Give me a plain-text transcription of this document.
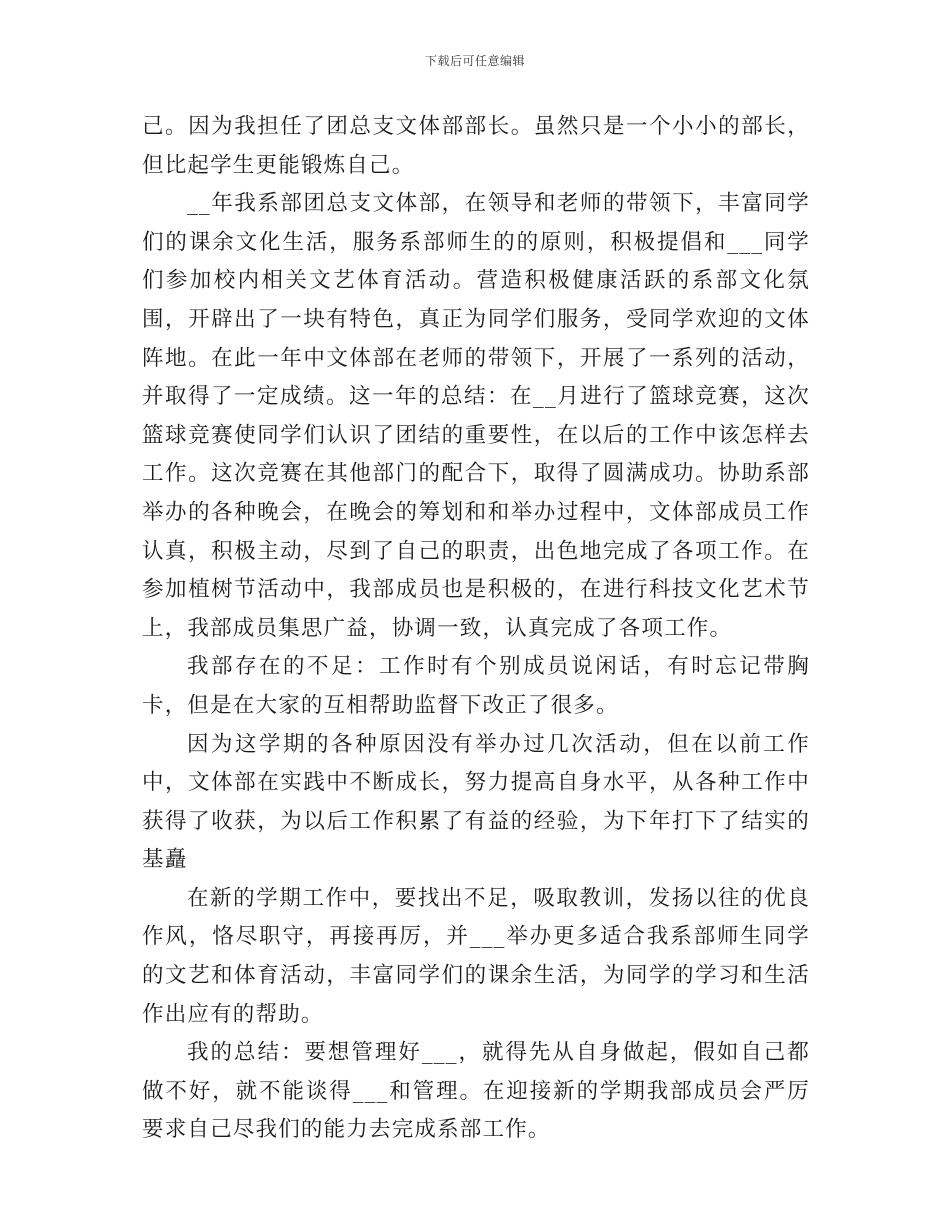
下载后可任意编辑

己。因为我担任了团总支文体部部长。虽然只是一个小小的部长，但比起学生更能锻炼自己。

__年我系部团总支文体部，在领导和老师的带领下，丰富同学们的课余文化生活，服务系部师生的的原则，积极提倡和___同学们参加校内相关文艺体育活动。营造积极健康活跃的系部文化氛围，开辟出了一块有特色，真正为同学们服务，受同学欢迎的文体阵地。在此一年中文体部在老师的带领下，开展了一系列的活动，并取得了一定成绩。这一年的总结：在__月进行了篮球竞赛，这次篮球竞赛使同学们认识了团结的重要性，在以后的工作中该怎样去工作。这次竞赛在其他部门的配合下，取得了圆满成功。协助系部举办的各种晚会，在晚会的筹划和和举办过程中，文体部成员工作认真，积极主动，尽到了自己的职责，出色地完成了各项工作。在参加植树节活动中，我部成员也是积极的，在进行科技文化艺术节上，我部成员集思广益，协调一致，认真完成了各项工作。

我部存在的不足：工作时有个别成员说闲话，有时忘记带胸卡，但是在大家的互相帮助监督下改正了很多。

因为这学期的各种原因没有举办过几次活动，但在以前工作中，文体部在实践中不断成长，努力提高自身水平，从各种工作中获得了收获，为以后工作积累了有益的经验，为下年打下了结实的基矗

在新的学期工作中，要找出不足，吸取教训，发扬以往的优良作风，恪尽职守，再接再厉，并___举办更多适合我系部师生同学的文艺和体育活动，丰富同学们的课余生活，为同学的学习和生活作出应有的帮助。

我的总结：要想管理好___，就得先从自身做起，假如自己都做不好，就不能谈得___和管理。在迎接新的学期我部成员会严厉要求自己尽我们的能力去完成系部工作。
